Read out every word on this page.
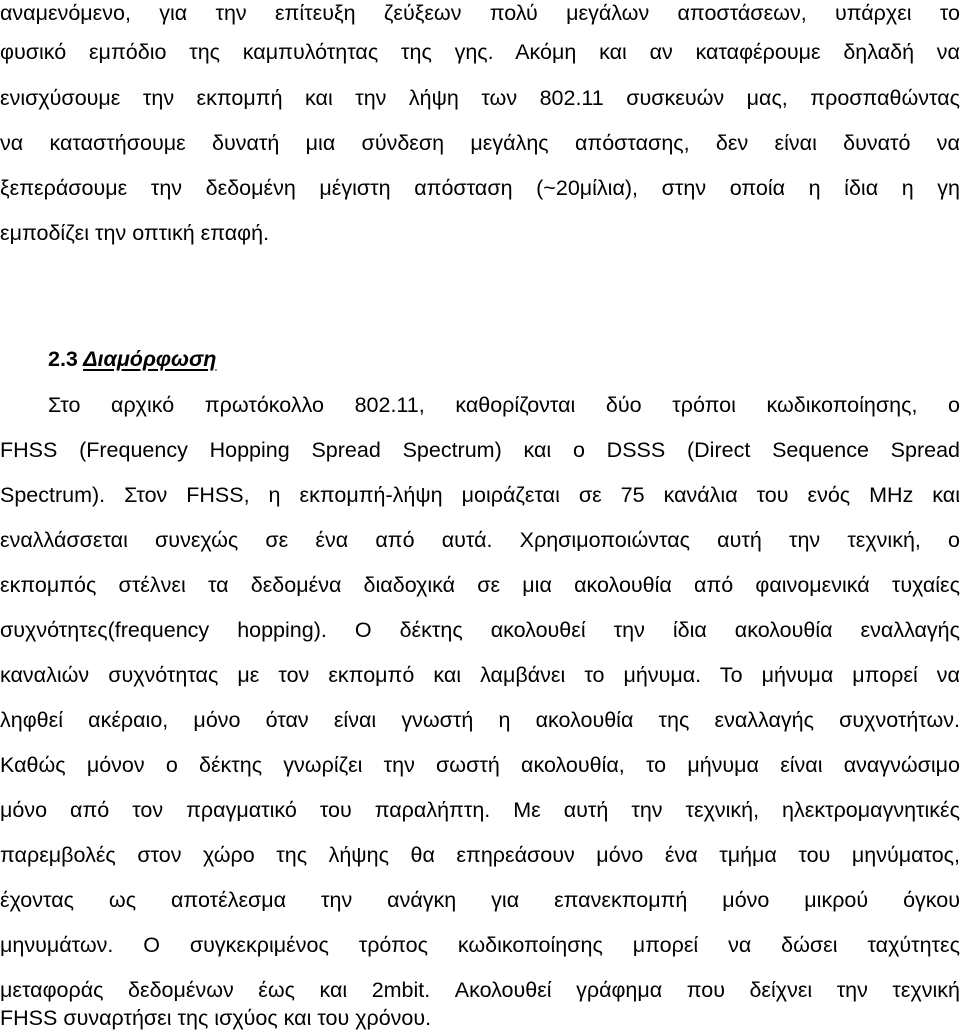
αναμενόμενο, για την επίτευξη ζεύξεων πολύ μεγάλων αποστάσεων, υπάρχει το
φυσικό εμπόδιο της καμπυλότητας της γης. Ακόμη και αν καταφέρουμε δηλαδή να
ενισχύσουμε την εκπομπή και την λήψη των 802.11 συσκευών μας, προσπαθώντας
να καταστήσουμε δυνατή μια σύνδεση μεγάλης απόστασης, δεν είναι δυνατό να
ξεπεράσουμε την δεδομένη μέγιστη απόσταση (~20μίλια), στην οποία η ίδια η γη
εμποδίζει την οπτική επαφή.
2.3 Διαμόρφωση
Στο αρχικό πρωτόκολλο 802.11, καθορίζονται δύο τρόποι κωδικοποίησης, ο
FHSS (Frequency Hopping Spread Spectrum) και ο DSSS (Direct Sequence Spread
Spectrum). Στον FHSS, η εκπομπή-λήψη μοιράζεται σε 75 κανάλια του ενός MHz και
εναλλάσσεται συνεχώς σε ένα από αυτά. Χρησιμοποιώντας αυτή την τεχνική, ο
εκπομπός στέλνει τα δεδομένα διαδοχικά σε μια ακολουθία από φαινομενικά τυχαίες
συχνότητες(frequency hopping). Ο δέκτης ακολουθεί την ίδια ακολουθία εναλλαγής
καναλιών συχνότητας με τον εκπομπό και λαμβάνει το μήνυμα. Το μήνυμα μπορεί να
ληφθεί ακέραιο, μόνο όταν είναι γνωστή η ακολουθία της εναλλαγής συχνοτήτων.
Καθώς μόνον ο δέκτης γνωρίζει την σωστή ακολουθία, το μήνυμα είναι αναγνώσιμο
μόνο από τον πραγματικό του παραλήπτη. Με αυτή την τεχνική, ηλεκτρομαγνητικές
παρεμβολές στον χώρο της λήψης θα επηρεάσουν μόνο ένα τμήμα του μηνύματος,
έχοντας ως αποτέλεσμα την ανάγκη για επανεκπομπή μόνο μικρού όγκου
μηνυμάτων. Ο συγκεκριμένος τρόπος κωδικοποίησης μπορεί να δώσει ταχύτητες
μεταφοράς δεδομένων έως και 2mbit. Ακολουθεί γράφημα που δείχνει την τεχνική
FHSS συναρτήσει της ισχύος και του χρόνου.
